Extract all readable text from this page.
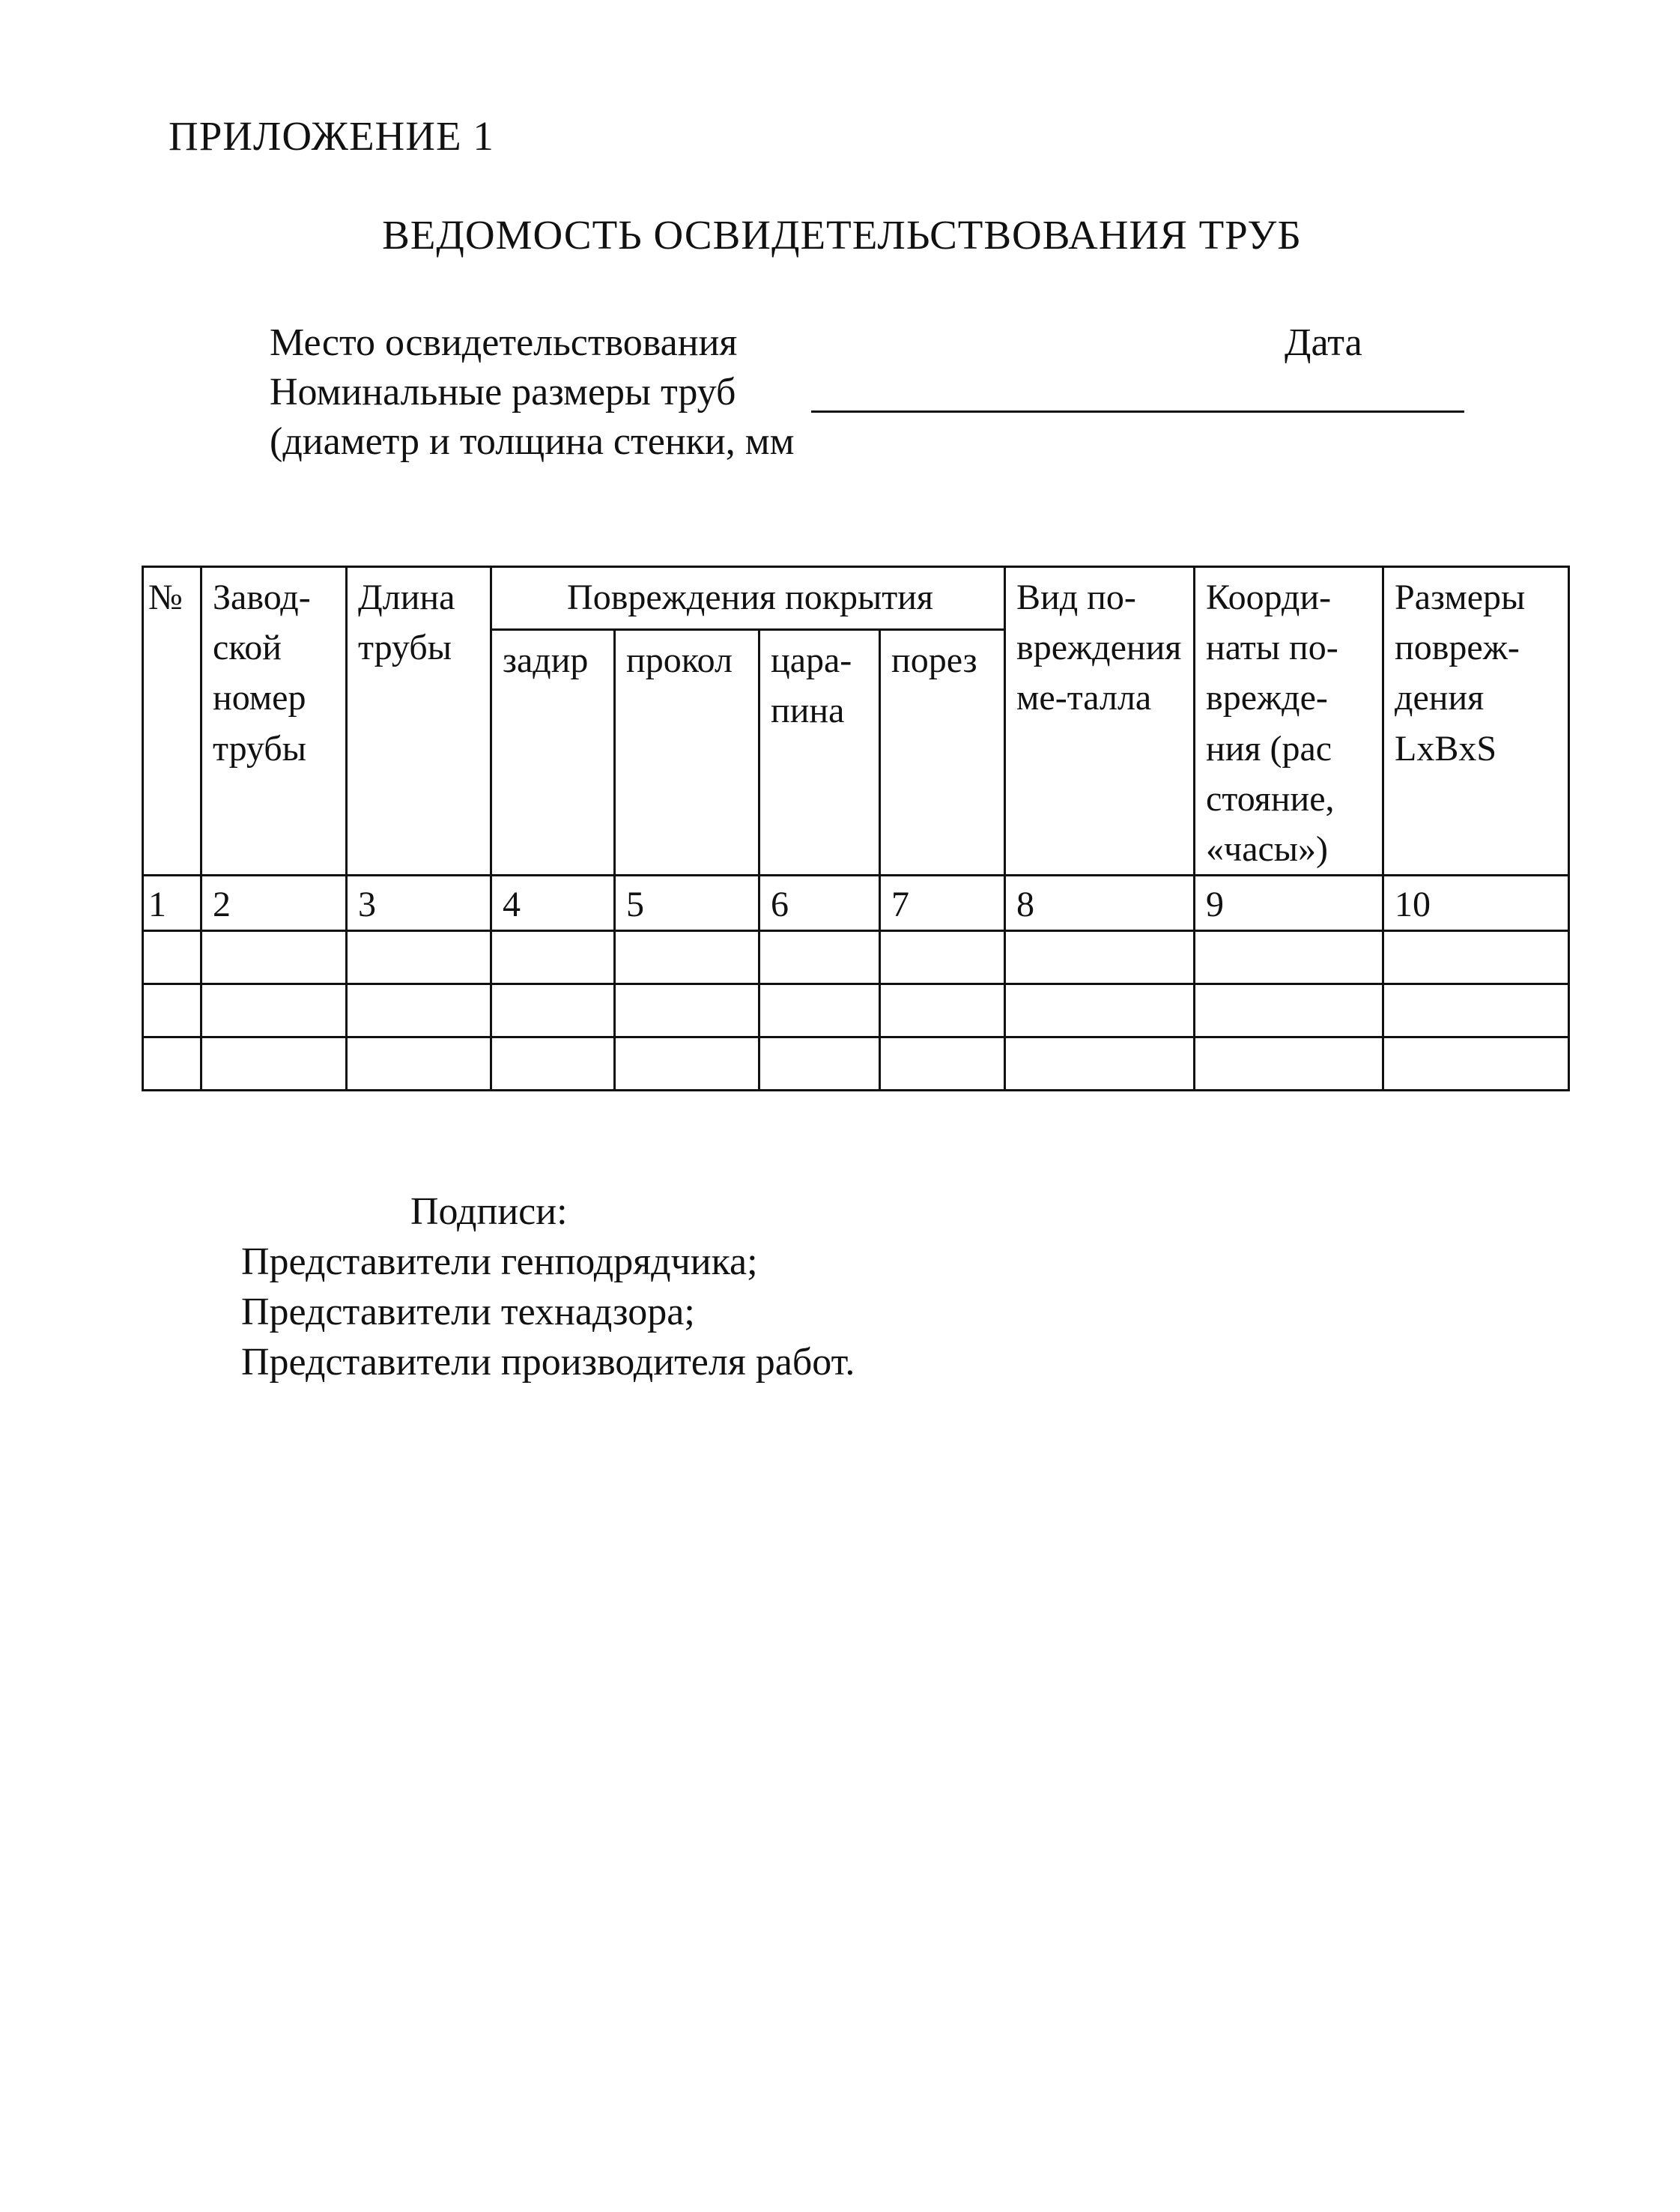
ПРИЛОЖЕНИЕ 1
ВЕДОМОСТЬ ОСВИДЕТЕЛЬСТВОВАНИЯ ТРУБ
Место освидетельствования	Дата
Номинальные размеры труб
(диаметр и толщина стенки, мм
№	Завод-ской номер трубы	Длина трубы	Повреждения покрытия				Вид по-вреждения ме-талла	Коорди-наты по-врежде-ния (рас стояние, «часы»)	Размеры повреж-дения LxBxS
			задир	прокол	цара-пина	порез			
1	2	3	4	5	6	7	8	9	10

Подписи:
Представители генподрядчика;
Представители технадзора;
Представители производителя работ.
